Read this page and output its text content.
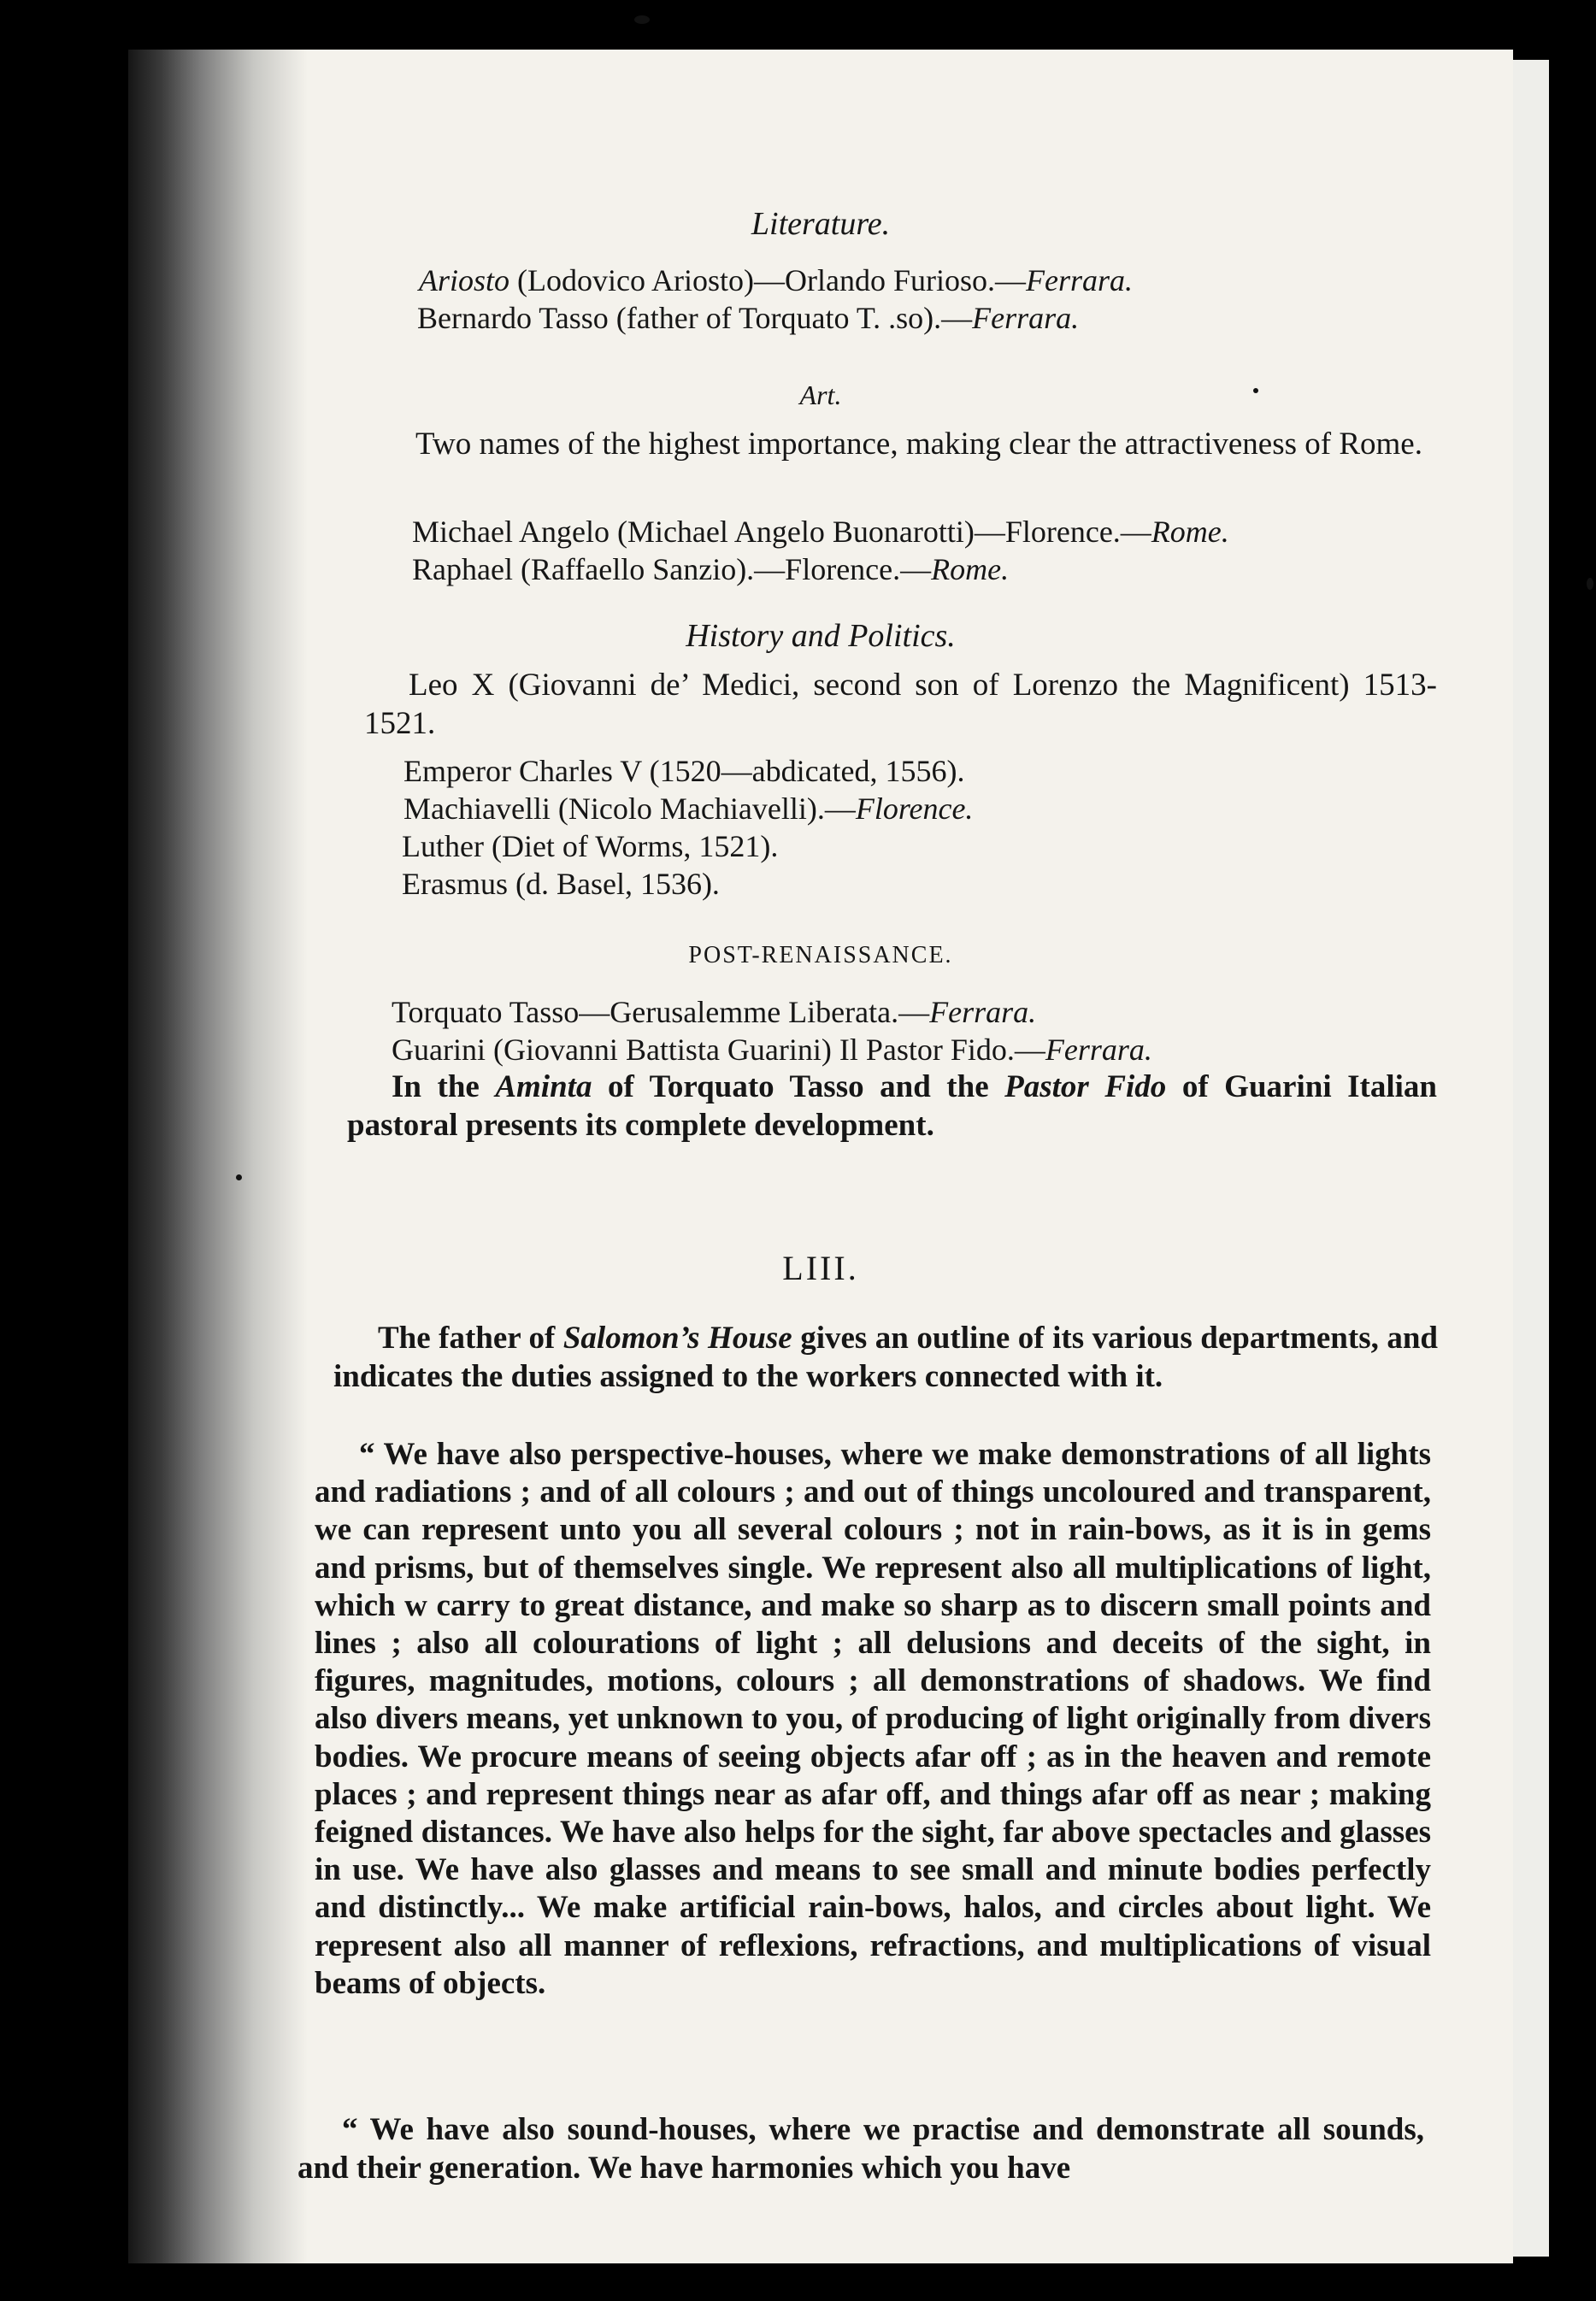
Literature.
Ariosto (Lodovico Ariosto)—Orlando Furioso.—Ferrara.
Bernardo Tasso (father of Torquato T. .so).—Ferrara.
Art.
Two names of the highest importance, making clear the attractiveness of Rome.
Michael Angelo (Michael Angelo Buonarotti)—Florence.—Rome.
Raphael (Raffaello Sanzio).—Florence.—Rome.
History and Politics.
Leo X (Giovanni de’ Medici, second son of Lorenzo the Magnificent) 1513-1521.
Emperor Charles V (1520—abdicated, 1556).
Machiavelli (Nicolo Machiavelli).—Florence.
Luther (Diet of Worms, 1521).
Erasmus (d. Basel, 1536).
POST-RENAISSANCE.
Torquato Tasso—Gerusalemme Liberata.—Ferrara.
Guarini (Giovanni Battista Guarini) Il Pastor Fido.—Ferrara.
In the Aminta of Torquato Tasso and the Pastor Fido of Guarini Italian pastoral presents its complete development.
LIII.
The father of Salomon’s House gives an outline of its various departments, and indicates the duties assigned to the workers connected with it.
“ We have also perspective-houses, where we make demonstrations of all lights and radiations ; and of all colours ; and out of things uncoloured and transparent, we can represent unto you all several colours ; not in rain-bows, as it is in gems and prisms, but of themselves single. We represent also all multiplications of light, which w carry to great distance, and make so sharp as to discern small points and lines ; also all colourations of light ; all delusions and deceits of the sight, in figures, magnitudes, motions, colours ; all demonstrations of shadows. We find also divers means, yet unknown to you, of producing of light originally from divers bodies. We procure means of seeing objects afar off ; as in the heaven and remote places ; and represent things near as afar off, and things afar off as near ; making feigned distances. We have also helps for the sight, far above spectacles and glasses in use. We have also glasses and means to see small and minute bodies perfectly and distinctly... We make artificial rain-bows, halos, and circles about light. We represent also all manner of reflexions, refractions, and multiplications of visual beams of objects.
“ We have also sound-houses, where we practise and demonstrate all sounds, and their generation. We have harmonies which you have
